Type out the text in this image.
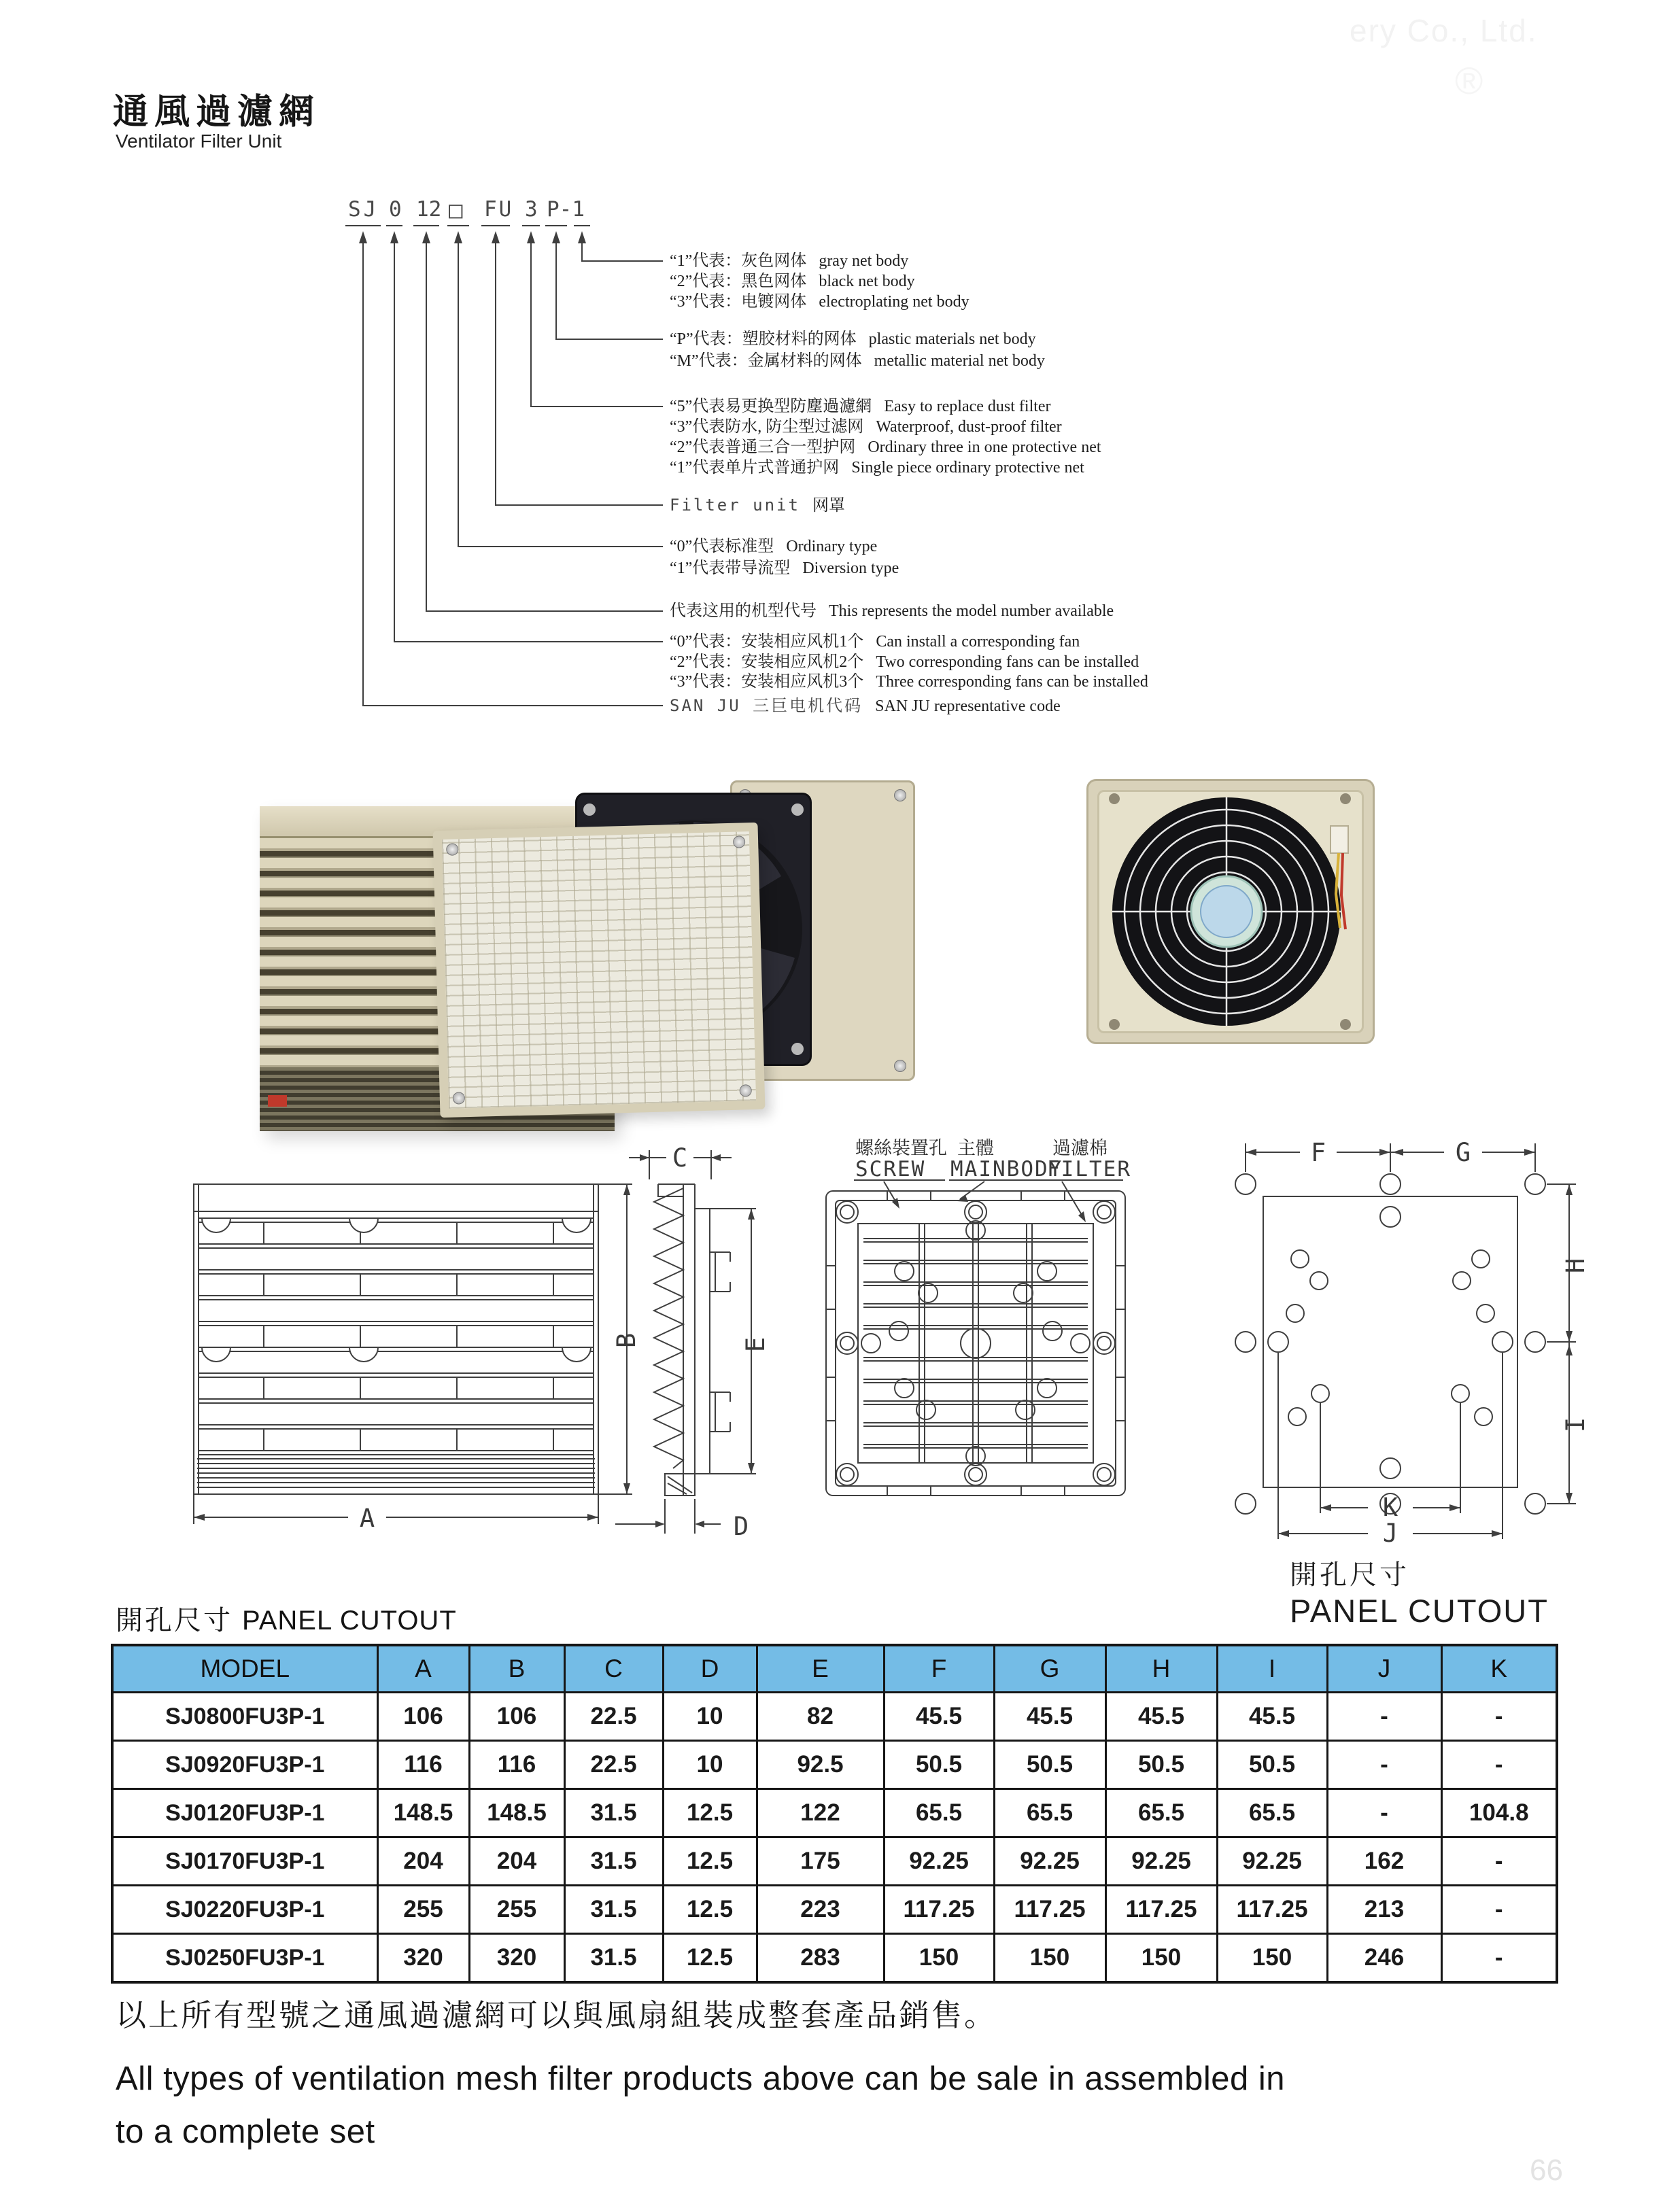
通風過濾網
Ventilator Filter Unit
ery Co., Ltd.
®
66
SJ 0 12 □ FU 3 P-1
“1”代表：灰色网体 gray net body
“2”代表：黑色网体 black net body
“3”代表：电镀网体 electroplating net body
“P”代表：塑胶材料的网体 plastic materials net body
“M”代表：金属材料的网体 metallic material net body
“5”代表易更换型防塵過濾網 Easy to replace dust filter
“3”代表防水, 防尘型过滤网 Waterproof, dust-proof filter
“2”代表普通三合一型护网 Ordinary three in one protective net
“1”代表单片式普通护网 Single piece ordinary protective net
Filter unit 网罩
“0”代表标准型 Ordinary type
“1”代表带导流型 Diversion type
代表这用的机型代号 This represents the model number available
“0”代表：安装相应风机1个 Can install a corresponding fan
“2”代表：安装相应风机2个 Two corresponding fans can be installed
“3”代表：安装相应风机3个 Three corresponding fans can be installed
SAN JU 三巨电机代码 SAN JU representative code
B
A
C
E
D
螺絲裝置孔
SCREW
主體
MAINBODY
過濾棉
FILTER
F	G
H
I
K
J
開孔尺寸
PANEL CUTOUT
開孔尺寸 PANEL CUTOUT
MODEL	A	B	C	D	E	F	G	H	I	J	K
SJ0800FU3P-1	106	106	22.5	10	82	45.5	45.5	45.5	45.5	-	-
SJ0920FU3P-1	116	116	22.5	10	92.5	50.5	50.5	50.5	50.5	-	-
SJ0120FU3P-1	148.5	148.5	31.5	12.5	122	65.5	65.5	65.5	65.5	-	104.8
SJ0170FU3P-1	204	204	31.5	12.5	175	92.25	92.25	92.25	92.25	162	-
SJ0220FU3P-1	255	255	31.5	12.5	223	117.25	117.25	117.25	117.25	213	-
SJ0250FU3P-1	320	320	31.5	12.5	283	150	150	150	150	246	-
以上所有型號之通風過濾網可以與風扇組裝成整套產品銷售。
All types of ventilation mesh filter products above can be sale in assembled in
to a complete set
